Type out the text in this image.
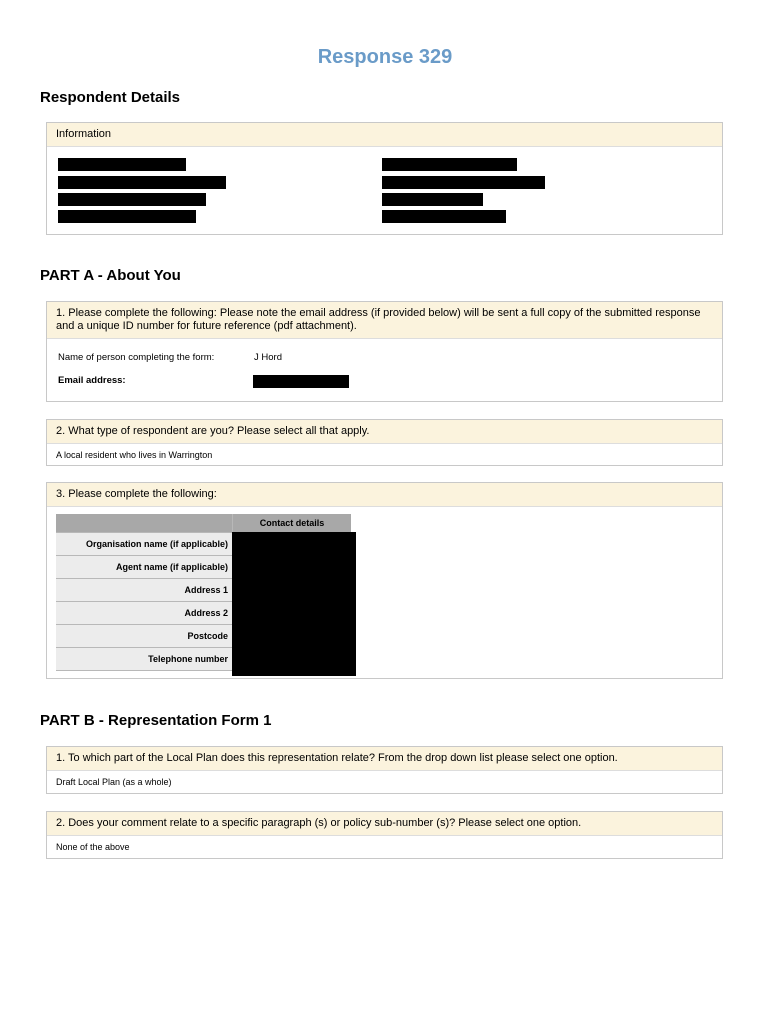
Response 329
Respondent Details
Information
PART A - About You
1. Please complete the following: Please note the email address (if provided below) will be sent a full copy of the submitted response and a unique ID number for future reference (pdf attachment).
Name of person completing the form:	J Hord
Email address:
2. What type of respondent are you? Please select all that apply.
A local resident who lives in Warrington
3. Please complete the following:
	Contact details
Organisation name (if applicable)	
Agent name (if applicable)	
Address 1	
Address 2	
Postcode	
Telephone number	
PART B - Representation Form 1
1. To which part of the Local Plan does this representation relate? From the drop down list please select one option.
Draft Local Plan (as a whole)
2. Does your comment relate to a specific paragraph (s) or policy sub-number (s)? Please select one option.
None of the above
